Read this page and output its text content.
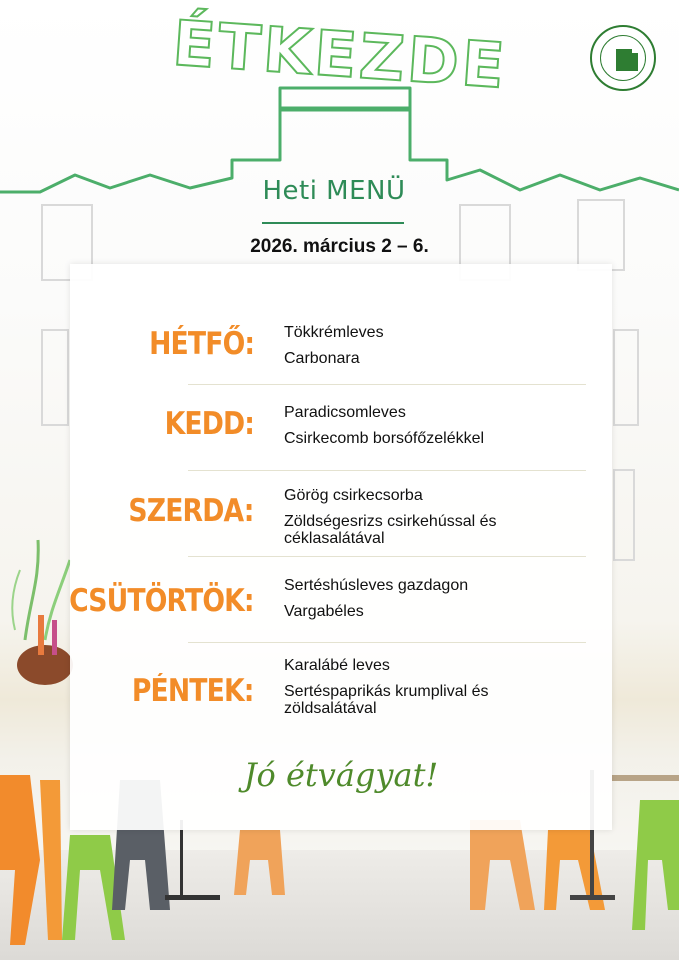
ÉTKEZDE
Heti MENÜ
2026. március 2 – 6.
HÉTFŐ: Tökkrémleves
Carbonara
KEDD: Paradicsomleves
Csirkecomb borsófőzelékkel
SZERDA: Görög csirkecsorba
Zöldségesrizs csirkehússal és
céklasalátával
CSÜTÖRTÖK: Sertéshúsleves gazdagon
Vargabéles
PÉNTEK:
Karalábé leves
Sertéspaprikás krumplival és
zöldsalátával
Jó étvágyat!
